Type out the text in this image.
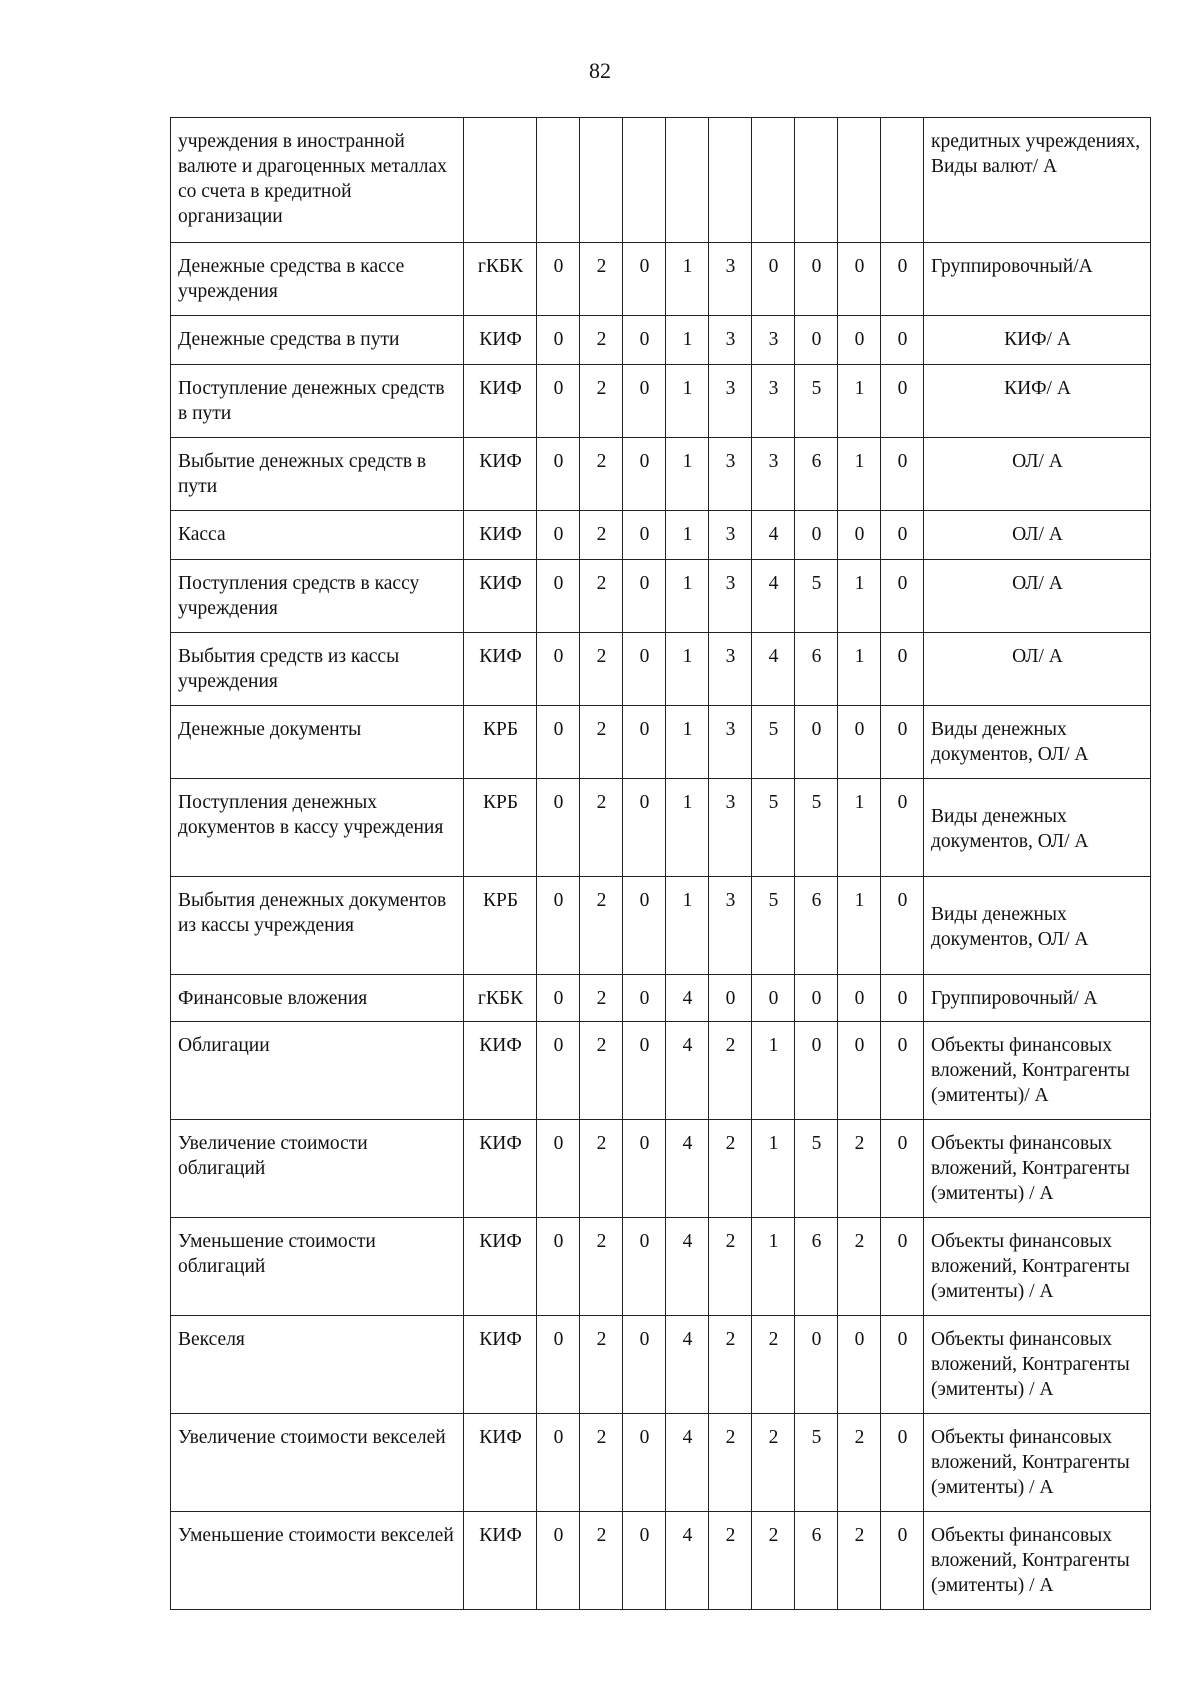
82
учреждения в иностранной валюте и драгоценных металлах со счета в кредитной организации											кредитных учреждениях, Виды валют/ А
Денежные средства в кассе учреждения	гКБК	0	2	0	1	3	0	0	0	0	Группировочный/А
Денежные средства в пути	КИФ	0	2	0	1	3	3	0	0	0	КИФ/ А
Поступление денежных средств в пути	КИФ	0	2	0	1	3	3	5	1	0	КИФ/ А
Выбытие денежных средств в пути	КИФ	0	2	0	1	3	3	6	1	0	ОЛ/ А
Касса	КИФ	0	2	0	1	3	4	0	0	0	ОЛ/ А
Поступления средств в кассу учреждения	КИФ	0	2	0	1	3	4	5	1	0	ОЛ/ А
Выбытия средств из кассы учреждения	КИФ	0	2	0	1	3	4	6	1	0	ОЛ/ А
Денежные документы	КРБ	0	2	0	1	3	5	0	0	0	Виды денежных документов, ОЛ/ А
Поступления денежных документов в кассу учреждения	КРБ	0	2	0	1	3	5	5	1	0	Виды денежных документов, ОЛ/ А
Выбытия денежных документов из кассы учреждения	КРБ	0	2	0	1	3	5	6	1	0	Виды денежных документов, ОЛ/ А
Финансовые вложения	гКБК	0	2	0	4	0	0	0	0	0	Группировочный/ А
Облигации	КИФ	0	2	0	4	2	1	0	0	0	Объекты финансовых вложений, Контрагенты (эмитенты)/ А
Увеличение стоимости облигаций	КИФ	0	2	0	4	2	1	5	2	0	Объекты финансовых вложений, Контрагенты (эмитенты) / А
Уменьшение стоимости облигаций	КИФ	0	2	0	4	2	1	6	2	0	Объекты финансовых вложений, Контрагенты (эмитенты) / А
Векселя	КИФ	0	2	0	4	2	2	0	0	0	Объекты финансовых вложений, Контрагенты (эмитенты) / А
Увеличение стоимости векселей	КИФ	0	2	0	4	2	2	5	2	0	Объекты финансовых вложений, Контрагенты (эмитенты) / А
Уменьшение стоимости векселей	КИФ	0	2	0	4	2	2	6	2	0	Объекты финансовых вложений, Контрагенты (эмитенты) / А
